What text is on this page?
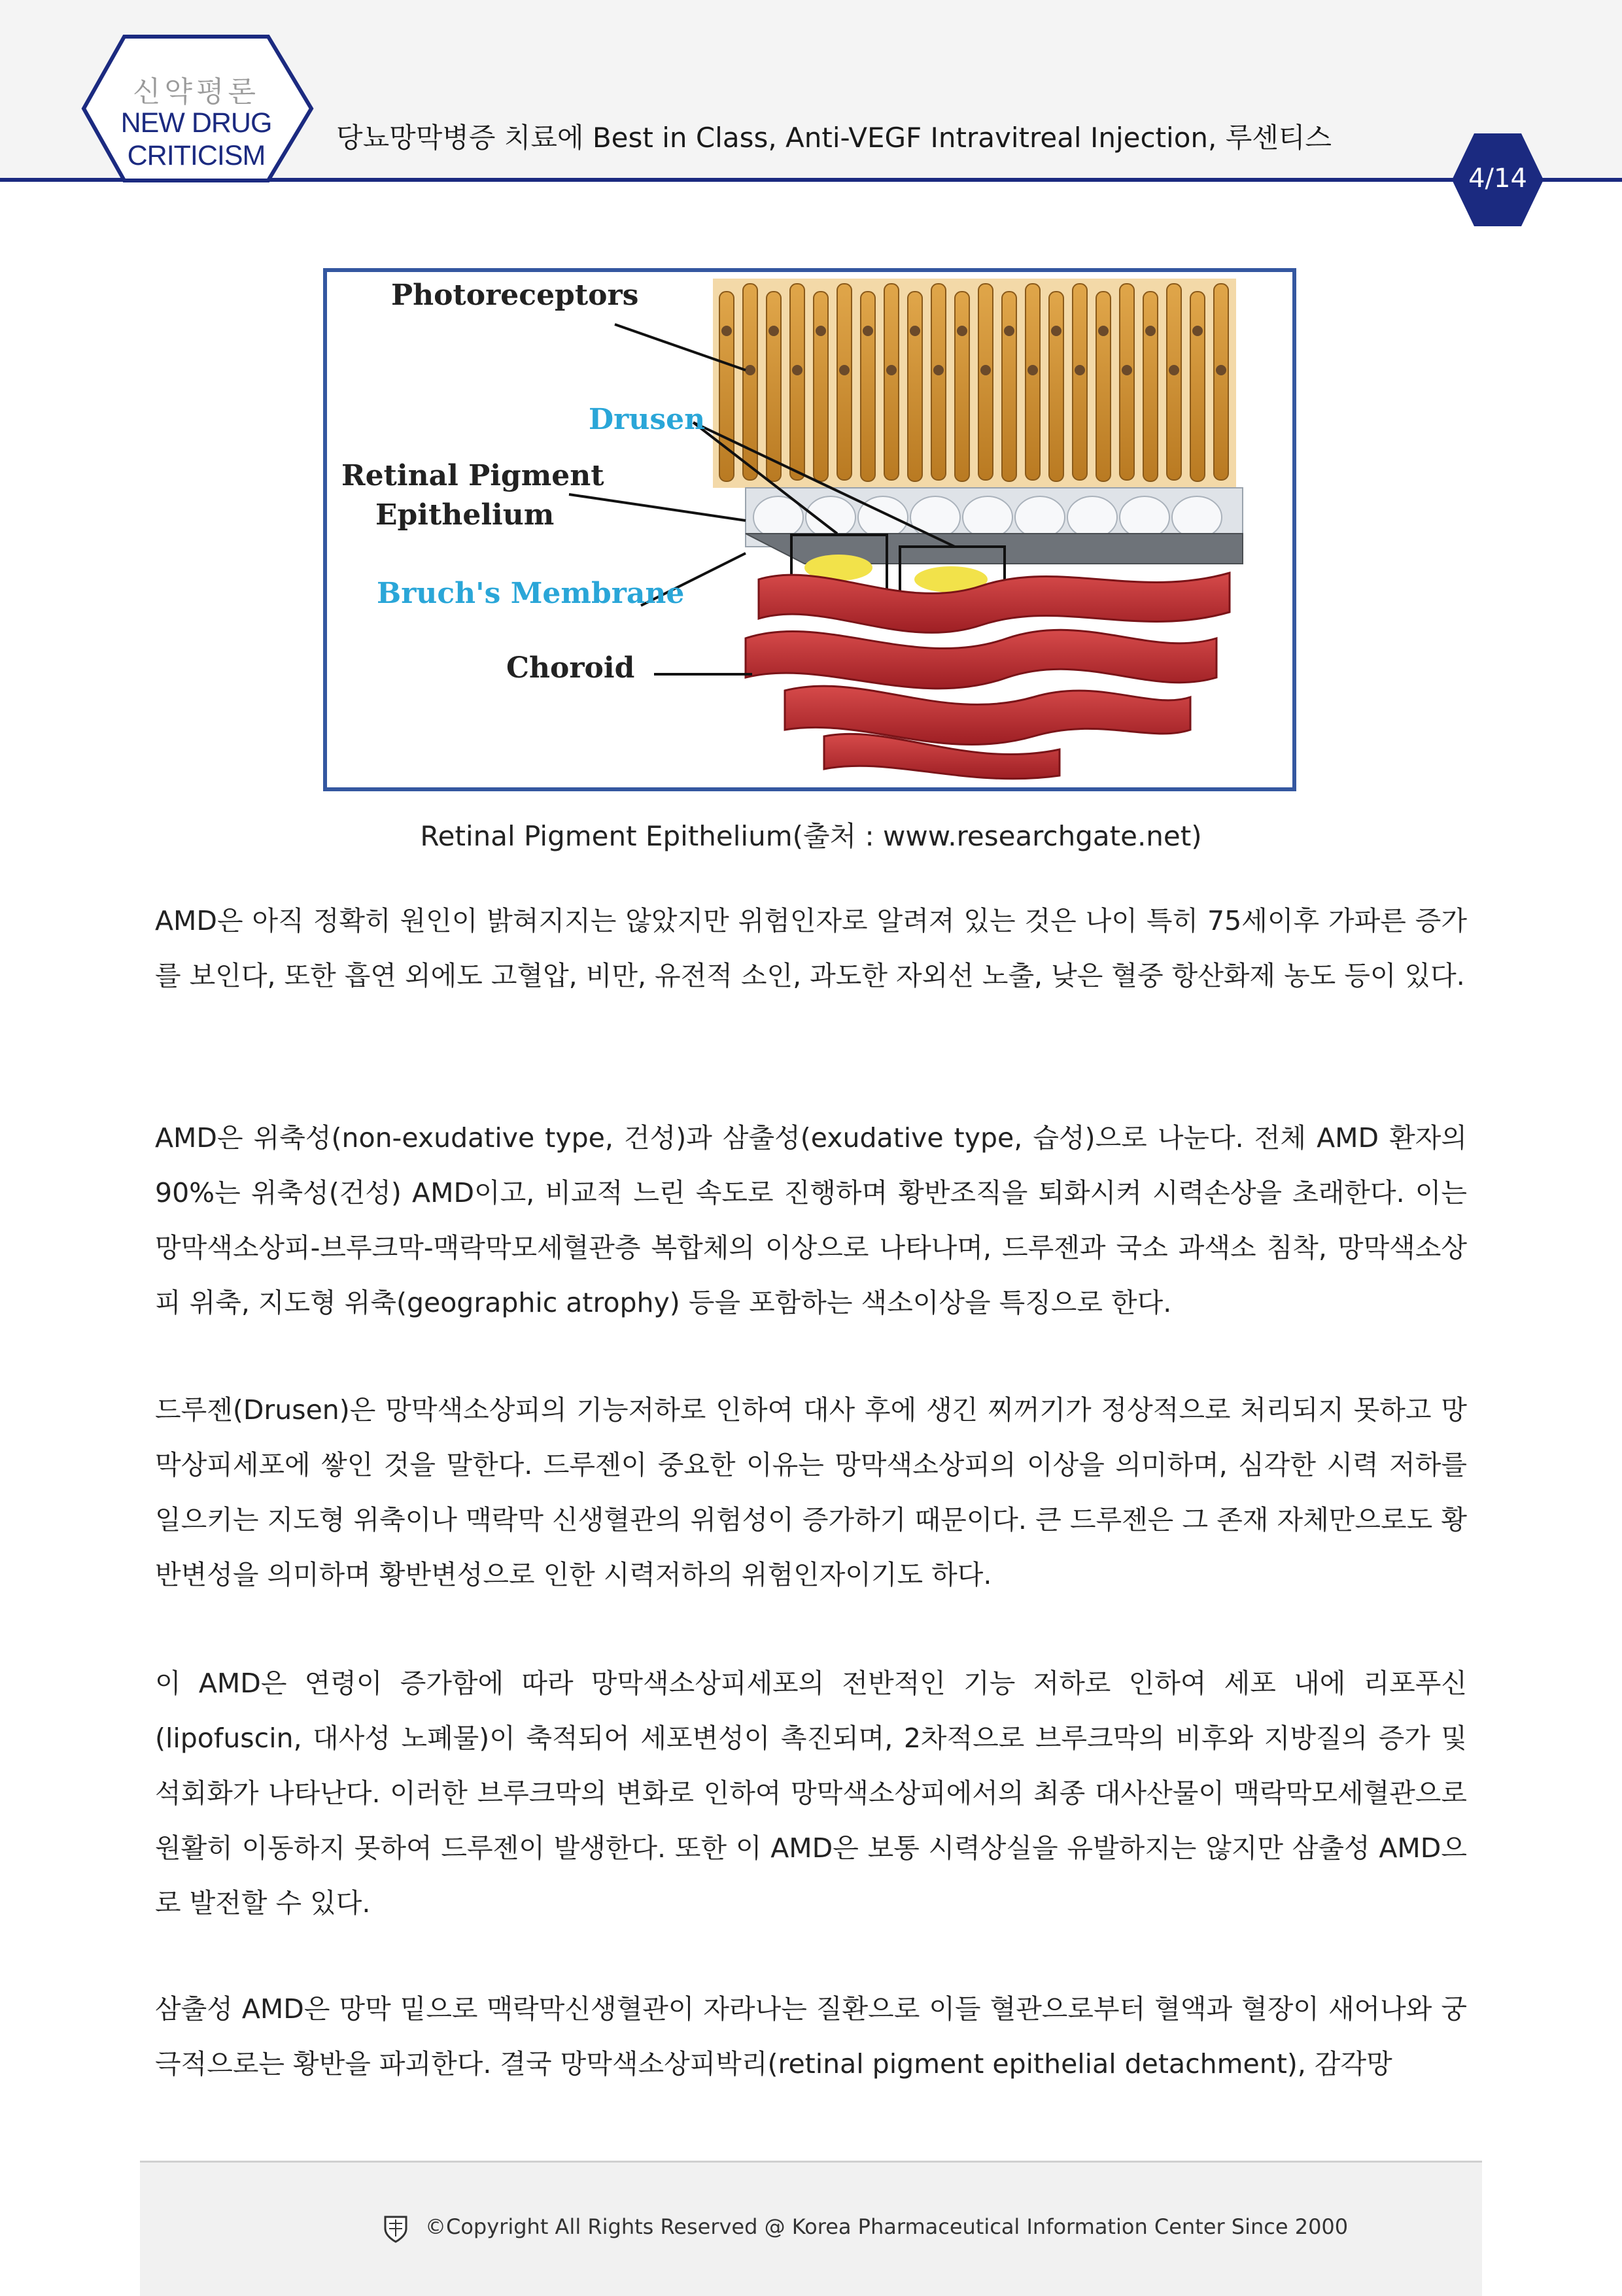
신약평론
NEW DRUG
CRITICISM
당뇨망막병증 치료에 Best in Class, Anti-VEGF Intravitreal Injection, 루센티스
4/14
Photoreceptors
Drusen
Retinal Pigment
Epithelium
Bruch's Membrane
Choroid
Retinal Pigment Epithelium(출처 : www.researchgate.net)
AMD은 아직 정확히 원인이 밝혀지지는 않았지만 위험인자로 알려져 있는 것은 나이 특히 75세이후 가파른 증가를 보인다, 또한 흡연 외에도 고혈압, 비만, 유전적 소인, 과도한 자외선 노출, 낮은 혈중 항산화제 농도 등이 있다.
AMD은 위축성(non-exudative type, 건성)과 삼출성(exudative type, 습성)으로 나눈다. 전체 AMD 환자의 90%는 위축성(건성) AMD이고, 비교적 느린 속도로 진행하며 황반조직을 퇴화시켜 시력손상을 초래한다. 이는 망막색소상피-브루크막-맥락막모세혈관층 복합체의 이상으로 나타나며, 드루젠과 국소 과색소 침착, 망막색소상피 위축, 지도형 위축(geographic atrophy) 등을 포함하는 색소이상을 특징으로 한다.
드루젠(Drusen)은 망막색소상피의 기능저하로 인하여 대사 후에 생긴 찌꺼기가 정상적으로 처리되지 못하고 망막상피세포에 쌓인 것을 말한다. 드루젠이 중요한 이유는 망막색소상피의 이상을 의미하며, 심각한 시력 저하를 일으키는 지도형 위축이나 맥락막 신생혈관의 위험성이 증가하기 때문이다. 큰 드루젠은 그 존재 자체만으로도 황반변성을 의미하며 황반변성으로 인한 시력저하의 위험인자이기도 하다.
이 AMD은 연령이 증가함에 따라 망막색소상피세포의 전반적인 기능 저하로 인하여 세포 내에 리포푸신(lipofuscin, 대사성 노폐물)이 축적되어 세포변성이 촉진되며, 2차적으로 브루크막의 비후와 지방질의 증가 및 석회화가 나타난다. 이러한 브루크막의 변화로 인하여 망막색소상피에서의 최종 대사산물이 맥락막모세혈관으로 원활히 이동하지 못하여 드루젠이 발생한다. 또한 이 AMD은 보통 시력상실을 유발하지는 않지만 삼출성 AMD으로 발전할 수 있다.
삼출성 AMD은 망막 밑으로 맥락막신생혈관이 자라나는 질환으로 이들 혈관으로부터 혈액과 혈장이 새어나와 궁극적으로는 황반을 파괴한다. 결국 망막색소상피박리(retinal pigment epithelial detachment), 감각망
©Copyright All Rights Reserved @ Korea Pharmaceutical Information Center Since 2000
